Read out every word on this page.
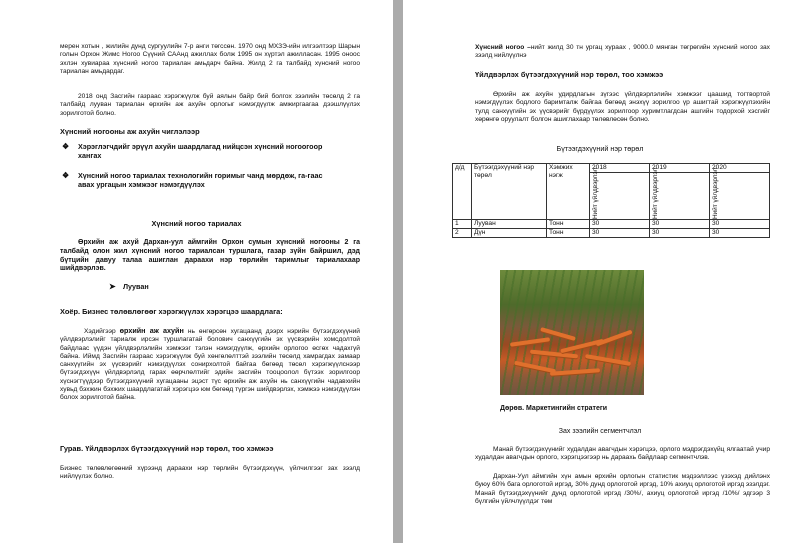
мерен хотын , жилийн дунд сургуулийн 7-р анги төгссөн. 1970 онд МХЗЭ-ийн илгээлтээр Шарын голын Орхон Жимс Ногоо Сүүний СААнд ажиллах болж 1995 он хүртэл ажилласан. 1995 оноос эхлэн хувиараа хүнсний ногоо тариалан амьдарч байна. Жилд 2 га талбайд хүнсний ногоо тариалан амьдардаг.

2018 онд Засгийн газраас хэрэгжүүлж буй аялын байр бий болгох зээлийн төсөлд 2 га талбайд лууван тариалан өрхийн аж ахуйн орлогыг нэмэгдүүлж амжиргаагаа дээшлүүлэх зорилготой болно.

Хүнсний ногооны аж ахуйн чиглэлээр

❖ Хэрэглэгчдийг эрүүл ахуйн шаардлагад нийцсэн хүнсний ногоогоор хангах
❖ Хүнсний ногоо тариалах технологийн горимыг чанд мөрдөж, га-гаас авах ургацын хэмжээг нэмэгдүүлэх

Хүнсний ногоо тариалах

Өрхийн аж ахуй Дархан-уул аймгийн Орхон сумын хүнсний ногооны 2 га талбайд олон жил хүнсний ногоо тариалсан туршлага, газар зүйн байршил, дэд бүтцийн давуу талаа ашиглан дараахи нэр төрлийн таримлыг тариалахаар шийдвэрлэв.

➤ Лууван

Хоёр. Бизнес төлөвлөгөөг хэрэгжүүлэх хэрэгцээ шаардлага:

Хэдийгээр өрхийн аж ахуйн нь өнгөрсөн хугацаанд дээрх нэрийн бүтээгдэхүүний үйлдвэрлэлийг тариалж ирсэн туршлагатай болович санхүүгийн эх үүсвэрийн хомсдолтой байдлаас үүдэн үйлдвэрлэлийн хэмжээг тэлэн нэмэгдүүлж, өрхийн орлогоо өсгөх чадахгүй байна. Иймд Засгийн газраас хэрэгжүүлж буй хөнгөлөлттэй зээлийн төсөлд хамрагдах замаар санхүүгийн эх үүсвэрийг нэмэгдүүлэх сонирхолтой байгаа бөгөөд төсөл хэрэгжүүлснээр бүтээгдэхүүн үйлдвэрлэлд гарах өөрчлөлтийг эдийн засгийн тооцоолол бүтээх зорилгоор хүснэгтүүдээр бүтээгдэхүүний хугацааны эцэст түс өрхийн аж ахуйн нь санхүүгийн чадавхийн хувьд бэхжин бэхжих шаардлагатай хэрэгцээ юм бөгөөд түргэн шийдвэрлэх, хэмжээ нэмэгдүүлэн болох зорилготой байна.

Гурав. Үйлдвэрлэх бүтээгдэхүүний нэр төрөл, тоо хэмжээ

Бизнес төлөвлөгөөний хүрээнд дараахи нэр төрлийн бүтээгдэхүүн, үйлчилгээг зах зээлд нийлүүлэх болно.

Хүнсний ногоо –нийт жилд 30 тн ургац хураах , 9000.0 мянган төгрөгийн хүнсний ногоо зах зээлд нийлүүлнэ

Үйлдвэрлэх бүтээгдэхүүний нэр төрөл, тоо хэмжээ

Өрхийн аж ахуйн удирдлагын зүгээс үйлдвэрлэлийн хэмжээг цаашид тогтвортой нэмэгдүүлэх бодлого баримталж байгаа бөгөөд энэхүү зорилгоо үр ашигтай хэрэгжүүлэхийн тулд санхүүгийн эх үүсвэрийг бүрдүүлэх зорилгоор хуримтлагдсан ашгийн тодорхой хэсгийг хөрөнгө оруулалт болгон ашиглахаар төлөвлөсөн болно.

Бүтээгдэхүүний нэр төрөл

д/д	Бүтээгдэхүүний нэр төрөл	Хэмжих нэгж	2018	2019	2020

			Нийт үйлдвэрлэл	Нийт үйлдвэрлэл	Нийт үйлдвэрлэл

1	Лууван	Тонн	30	30	30
2	Дүн	Тонн	30	30	30

Дөрөв. Маркетингийн стратеги

Зах зээлийн сегментчлэл

Манай бүтээгдэхүүнийг худалдан авагчдын хэрэгцээ, орлого мэдрэгдэхүйц ялгаатай учир худалдан авагчдын орлого, хэрэгцээгээр нь дараахь байдлаар сегментчлэв.

Дархан-Уул аймгийн хүн амын өрхийн орлогын статистик мэдээллээс үзэхэд дийлэнх буюу 60% бага орлоготой иргэд, 30% дунд орлоготой иргэд, 10% ахиуц орлоготой иргэд эзэлдэг. Манай бүтээгдэхүүнийг дунд орлоготой иргэд /30%/, ахиуц орлоготой иргэд /10%/ эдгээр 3 бүлгийн үйлчлүүлдэг төм
